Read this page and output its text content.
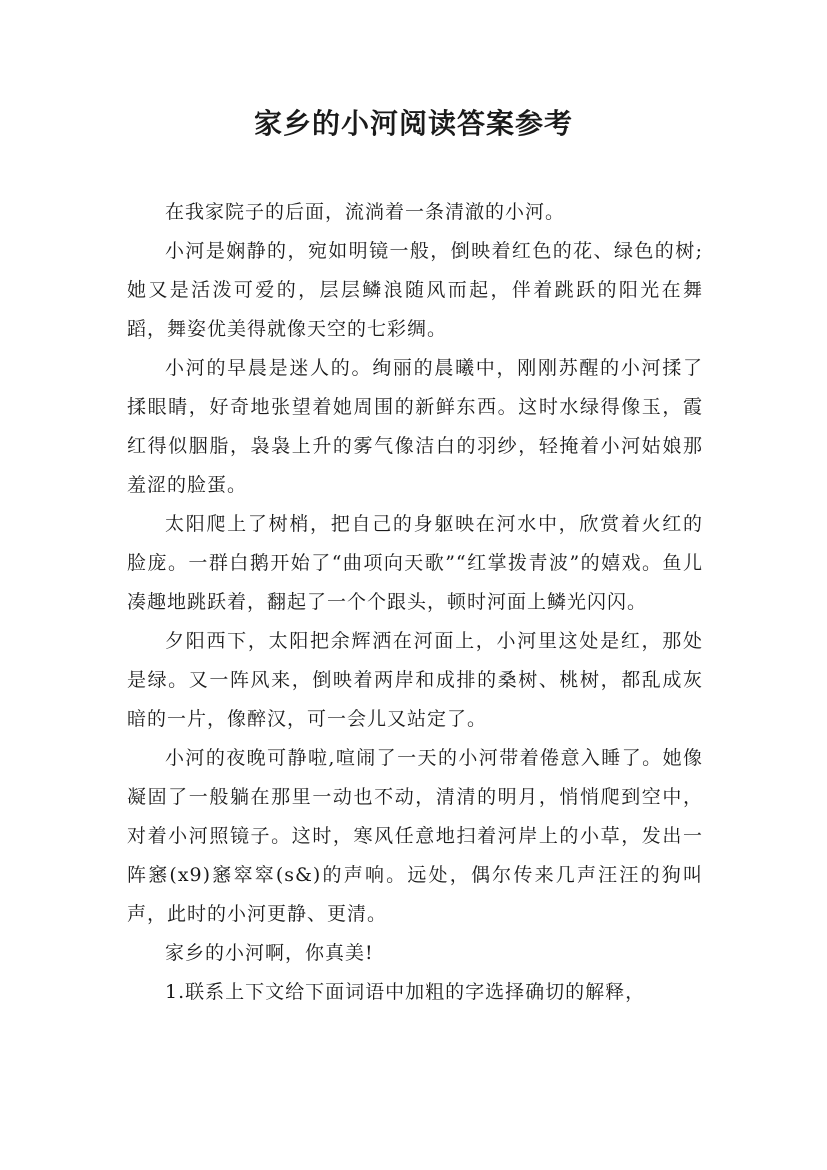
家乡的小河阅读答案参考

在我家院子的后面，流淌着一条清澈的小河。

小河是娴静的，宛如明镜一般，倒映着红色的花、绿色的树;她又是活泼可爱的，层层鳞浪随风而起，伴着跳跃的阳光在舞蹈，舞姿优美得就像天空的七彩绸。

小河的早晨是迷人的。绚丽的晨曦中，刚刚苏醒的小河揉了揉眼睛，好奇地张望着她周围的新鲜东西。这时水绿得像玉，霞红得似胭脂，袅袅上升的雾气像洁白的羽纱，轻掩着小河姑娘那羞涩的脸蛋。

太阳爬上了树梢，把自己的身躯映在河水中，欣赏着火红的脸庞。一群白鹅开始了“曲项向天歌”“红掌拨青波”的嬉戏。鱼儿凑趣地跳跃着，翻起了一个个跟头，顿时河面上鳞光闪闪。

夕阳西下，太阳把余辉洒在河面上，小河里这处是红，那处是绿。又一阵风来，倒映着两岸和成排的桑树、桃树，都乱成灰暗的一片，像醉汉，可一会儿又站定了。

小河的夜晚可静啦,喧闹了一天的小河带着倦意入睡了。她像凝固了一般躺在那里一动也不动，清清的明月，悄悄爬到空中，对着小河照镜子。这时，寒风任意地扫着河岸上的小草，发出一阵窸(x9)窸窣窣(s&)的声响。远处，偶尔传来几声汪汪的狗叫声，此时的小河更静、更清。

家乡的小河啊，你真美!

1.联系上下文给下面词语中加粗的字选择确切的解释，
